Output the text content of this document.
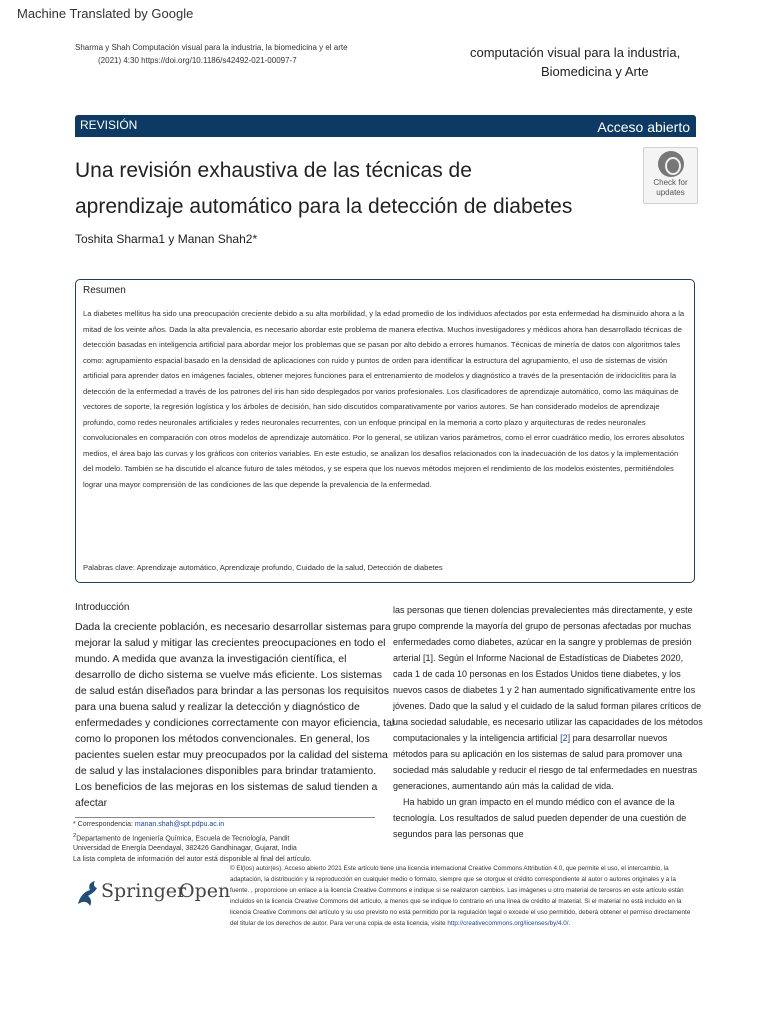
Machine Translated by Google
Sharma y Shah Computación visual para la industria, la biomedicina y el arte
(2021) 4:30 https://doi.org/10.1186/s42492-021-00097-7
computación visual para la industria,
Biomedicina y Arte
REVISIÓN	Acceso abierto
Una revisión exhaustiva de las técnicas de
aprendizaje automático para la detección de diabetes
Check for
updates
Toshita Sharma1 y Manan Shah2*
Resumen
La diabetes mellitus ha sido una preocupación creciente debido a su alta morbilidad, y la edad promedio de los individuos afectados por esta enfermedad ha disminuido ahora a la mitad de los veinte años. Dada la alta prevalencia, es necesario abordar este problema de manera efectiva. Muchos investigadores y médicos ahora han desarrollado técnicas de detección basadas en inteligencia artificial para abordar mejor los problemas que se pasan por alto debido a errores humanos. Técnicas de minería de datos con algoritmos tales como: agrupamiento espacial basado en la densidad de aplicaciones con ruido y puntos de orden para identificar la estructura del agrupamiento, el uso de sistemas de visión artificial para aprender datos en imágenes faciales, obtener mejores funciones para el entrenamiento de modelos y diagnóstico a través de la presentación de iridociclitis para la detección de la enfermedad a través de los patrones del iris han sido desplegados por varios profesionales. Los clasificadores de aprendizaje automático, como las máquinas de vectores de soporte, la regresión logística y los árboles de decisión, han sido discutidos comparativamente por varios autores. Se han considerado modelos de aprendizaje profundo, como redes neuronales artificiales y redes neuronales recurrentes, con un enfoque principal en la memoria a corto plazo y arquitecturas de redes neuronales convolucionales en comparación con otros modelos de aprendizaje automático. Por lo general, se utilizan varios parámetros, como el error cuadrático medio, los errores absolutos medios, el área bajo las curvas y los gráficos con criterios variables. En este estudio, se analizan los desafíos relacionados con la inadecuación de los datos y la implementación del modelo. También se ha discutido el alcance futuro de tales métodos, y se espera que los nuevos métodos mejoren el rendimiento de los modelos existentes, permitiéndoles lograr una mayor comprensión de las condiciones de las que depende la prevalencia de la enfermedad.
Palabras clave: Aprendizaje automático, Aprendizaje profundo, Cuidado de la salud, Detección de diabetes
Introducción
Dada la creciente población, es necesario desarrollar sistemas para mejorar la salud y mitigar las crecientes preocupaciones en todo el mundo. A medida que avanza la investigación científica, el desarrollo de dicho sistema se vuelve más eficiente. Los sistemas de salud están diseñados para brindar a las personas los requisitos para una buena salud y realizar la detección y diagnóstico de enfermedades y condiciones correctamente con mayor eficiencia, tal como lo proponen los métodos convencionales. En general, los pacientes suelen estar muy preocupados por la calidad del sistema de salud y las instalaciones disponibles para brindar tratamiento. Los beneficios de las mejoras en los sistemas de salud tienden a afectar
las personas que tienen dolencias prevalecientes más directamente, y este grupo comprende la mayoría del grupo de personas afectadas por muchas enfermedades como diabetes, azúcar en la sangre y problemas de presión arterial [1]. Según el Informe Nacional de Estadísticas de Diabetes 2020, cada 1 de cada 10 personas en los Estados Unidos tiene diabetes, y los nuevos casos de diabetes 1 y 2 han aumentado significativamente entre los jóvenes. Dado que la salud y el cuidado de la salud forman pilares críticos de una sociedad saludable, es necesario utilizar las capacidades de los métodos computacionales y la inteligencia artificial [2] para desarrollar nuevos métodos para su aplicación en los sistemas de salud para promover una sociedad más saludable y reducir el riesgo de tal enfermedades en nuestras generaciones, aumentando aún más la calidad de vida.
Ha habido un gran impacto en el mundo médico con el avance de la tecnología. Los resultados de salud pueden depender de una cuestión de segundos para las personas que
* Correspondencia: manan.shah@spt.pdpu.ac.in
$^2$Departamento de Ingeniería Química, Escuela de Tecnología, Pandit
Universidad de Energía Deendayal, 382426 Gandhinagar, Gujarat, India
La lista completa de información del autor está disponible al final del artículo.
Springer
Open
© El(los) autor(es). Acceso abierto 2021 Este artículo tiene una licencia internacional Creative Commons Attribution 4.0, que permite el uso, el intercambio, la adaptación, la distribución y la reproducción en cualquier medio o formato, siempre que se otorgue el crédito correspondiente al autor o autores originales y a la fuente. , proporcione un enlace a la licencia Creative Commons e indique si se realizaron cambios. Las imágenes u otro material de terceros en este artículo están incluidos en la licencia Creative Commons del artículo, a menos que se indique lo contrario en una línea de crédito al material. Si el material no está incluido en la licencia Creative Commons del artículo y su uso previsto no está permitido por la regulación legal o excede el uso permitido, deberá obtener el permiso directamente del titular de los derechos de autor. Para ver una copia de esta licencia, visite http://creativecommons.org/licenses/by/4.0/.
